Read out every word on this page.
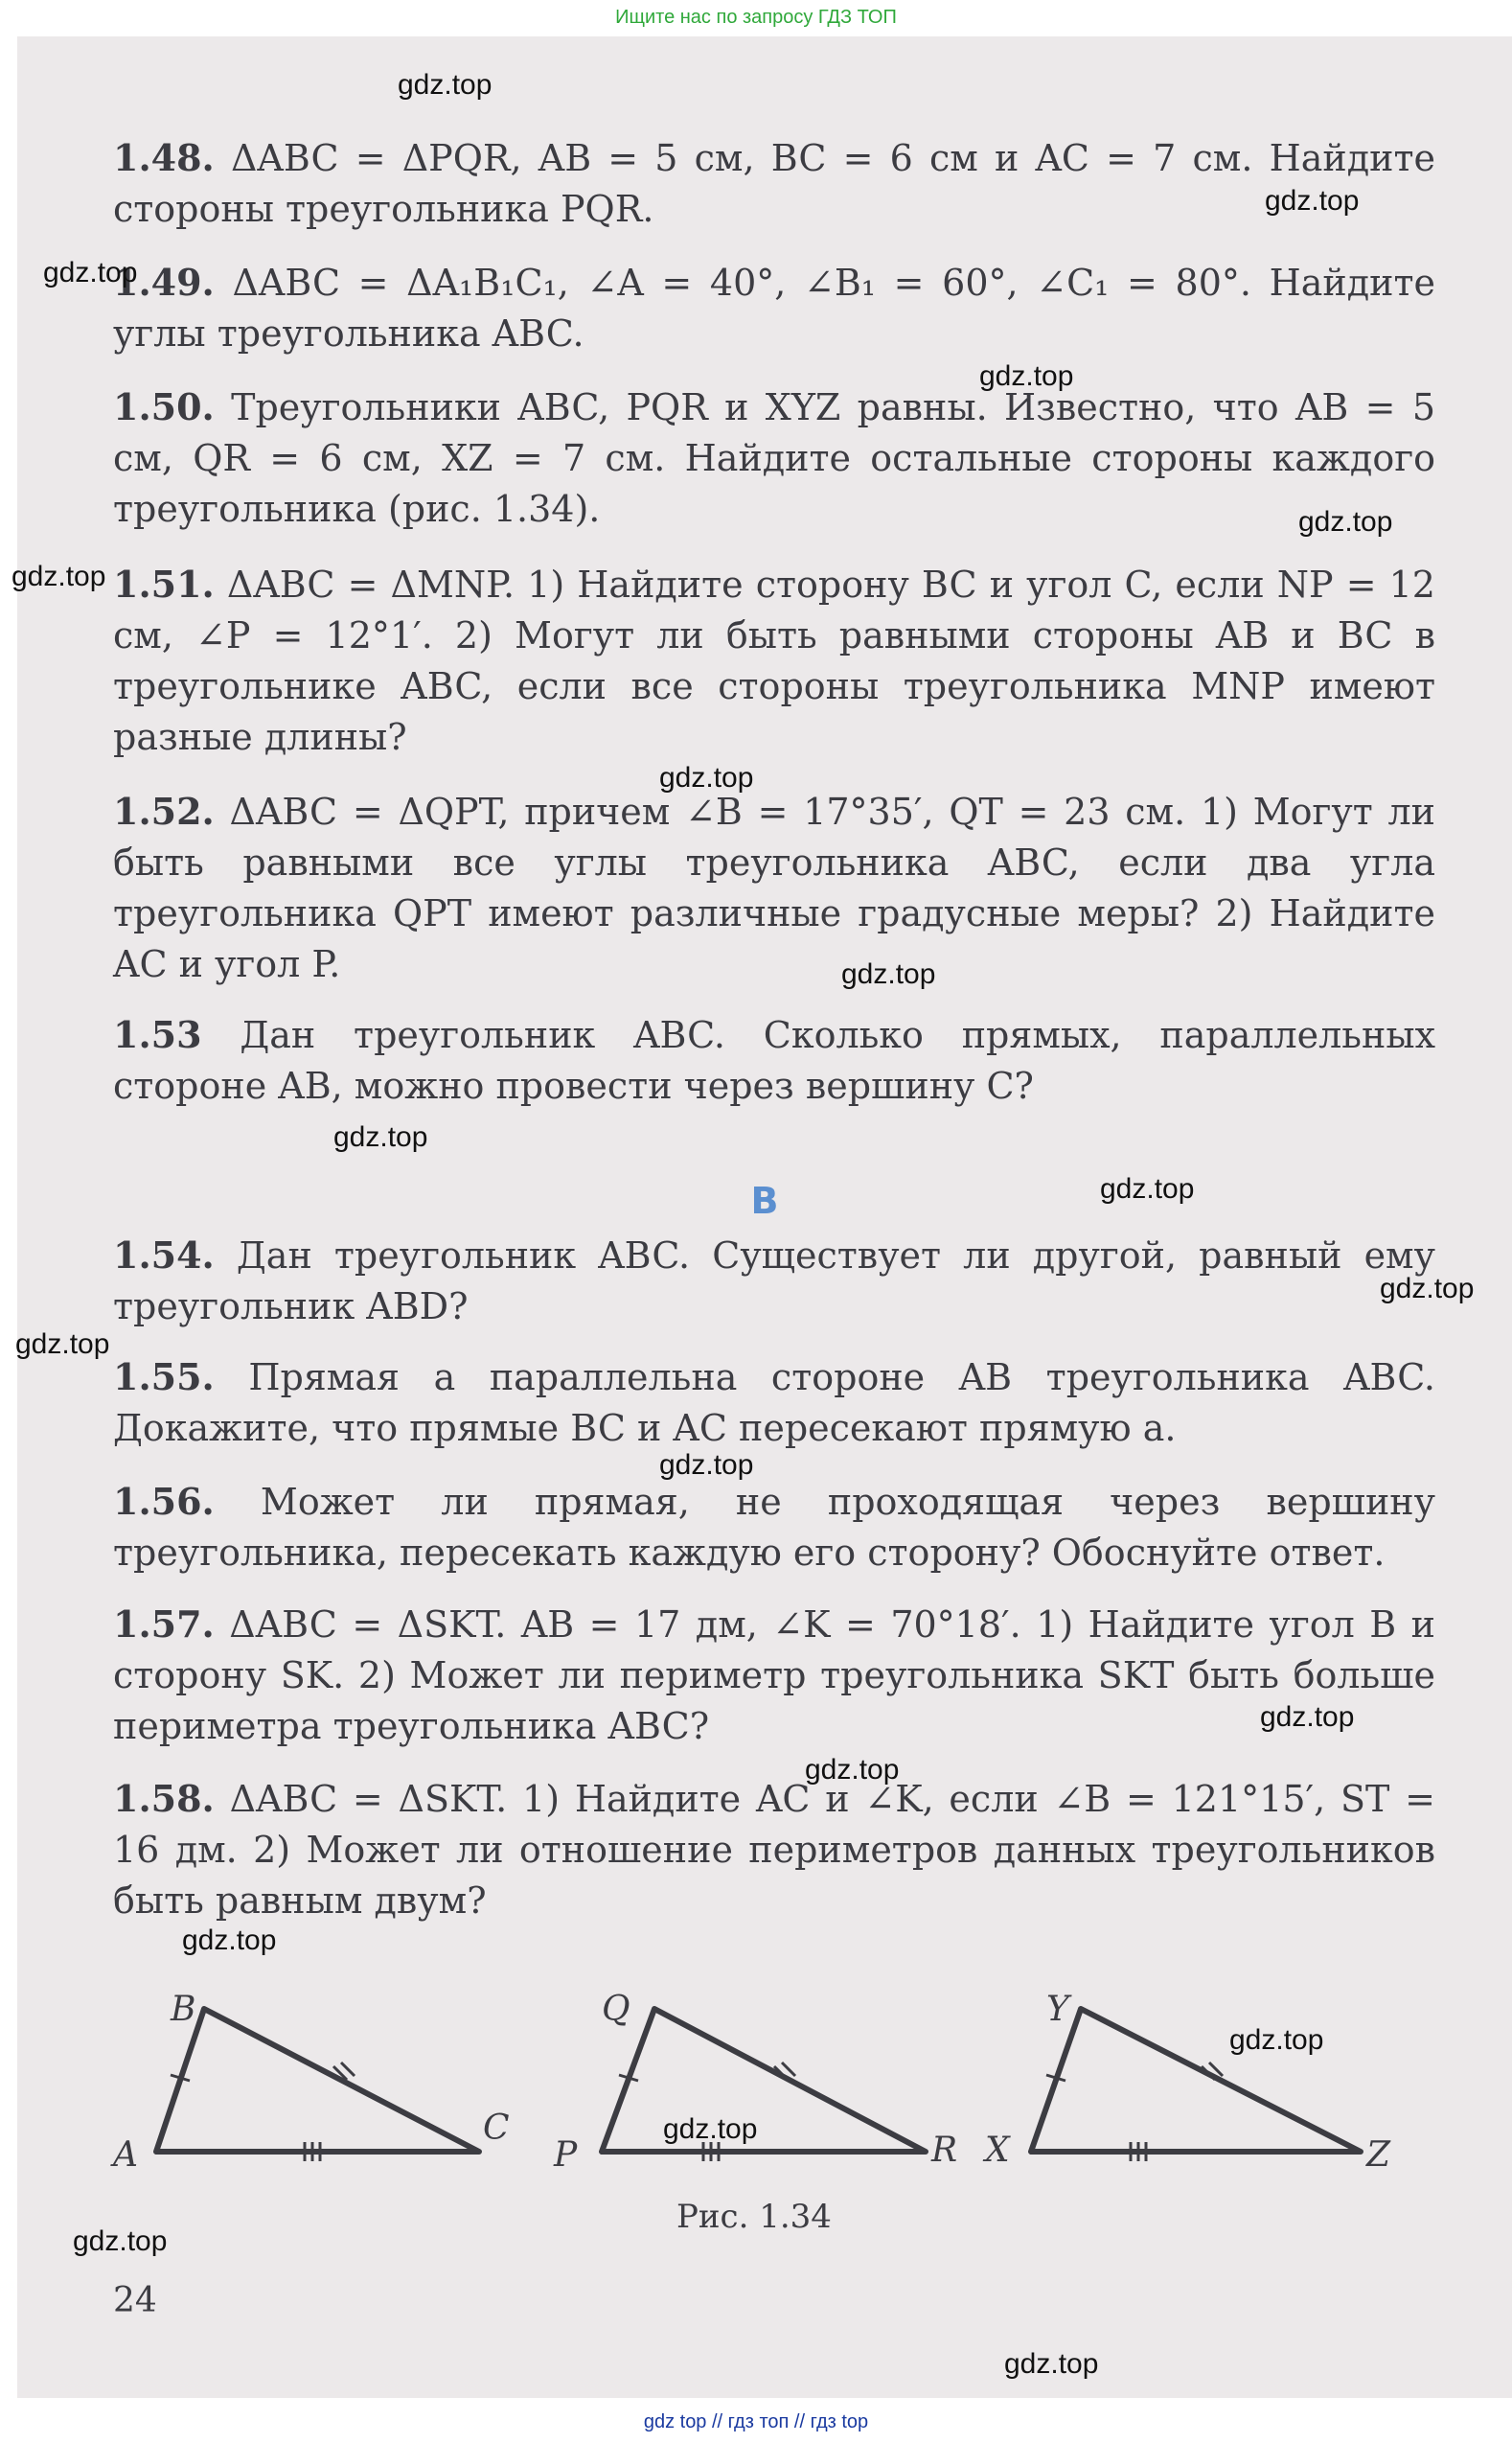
Ищите нас по запросу ГДЗ ТОП
1.48. ΔABC = ΔPQR, AB = 5 см, BC = 6 см и AC = 7 см. Найдите стороны треугольника PQR.
1.49. ΔABC = ΔA₁B₁C₁, ∠A = 40°, ∠B₁ = 60°, ∠C₁ = 80°. Найдите углы треугольника ABC.
1.50. Треугольники ABC, PQR и XYZ равны. Известно, что AB = 5 см, QR = 6 см, XZ = 7 см. Найдите остальные стороны каждого треугольника (рис. 1.34).
1.51. ΔABC = ΔMNP. 1) Найдите сторону BC и угол C, если NP = 12 см, ∠P = 12°1′. 2) Могут ли быть равными стороны AB и BC в треугольнике ABC, если все стороны треугольника MNP имеют разные длины?
1.52. ΔABC = ΔQPT, причем ∠B = 17°35′, QT = 23 см. 1) Могут ли быть равными все углы треугольника ABC, если два угла треугольника QPT имеют различные градусные меры? 2) Найдите AC и угол P.
1.53 Дан треугольник ABC. Сколько прямых, параллельных стороне AB, можно провести через вершину C?
B
1.54. Дан треугольник ABC. Существует ли другой, равный ему треугольник ABD?
1.55. Прямая a параллельна стороне AB треугольника ABC. Докажите, что прямые BC и AC пересекают прямую a.
1.56. Может ли прямая, не проходящая через вершину треугольника, пересекать каждую его сторону? Обоснуйте ответ.
1.57. ΔABC = ΔSKT. AB = 17 дм, ∠K = 70°18′. 1) Найдите угол B и сторону SK. 2) Может ли периметр треугольника SKT быть больше периметра треугольника ABC?
1.58. ΔABC = ΔSKT. 1) Найдите AC и ∠K, если ∠B = 121°15′, ST = 16 дм. 2) Может ли отношение периметров данных треугольников быть равным двум?
B
A
C
Q
P	R
Y
X	Z
Рис. 1.34
24
gdz.top
gdz.top
gdz.top
gdz.top
gdz.top
gdz.top
gdz.top
gdz.top
gdz.top
gdz.top
gdz.top
gdz.top
gdz.top
gdz.top
gdz.top
gdz.top
gdz.top
gdz.top
gdz.top
gdz.top
gdz top // гдз топ // гдз top
